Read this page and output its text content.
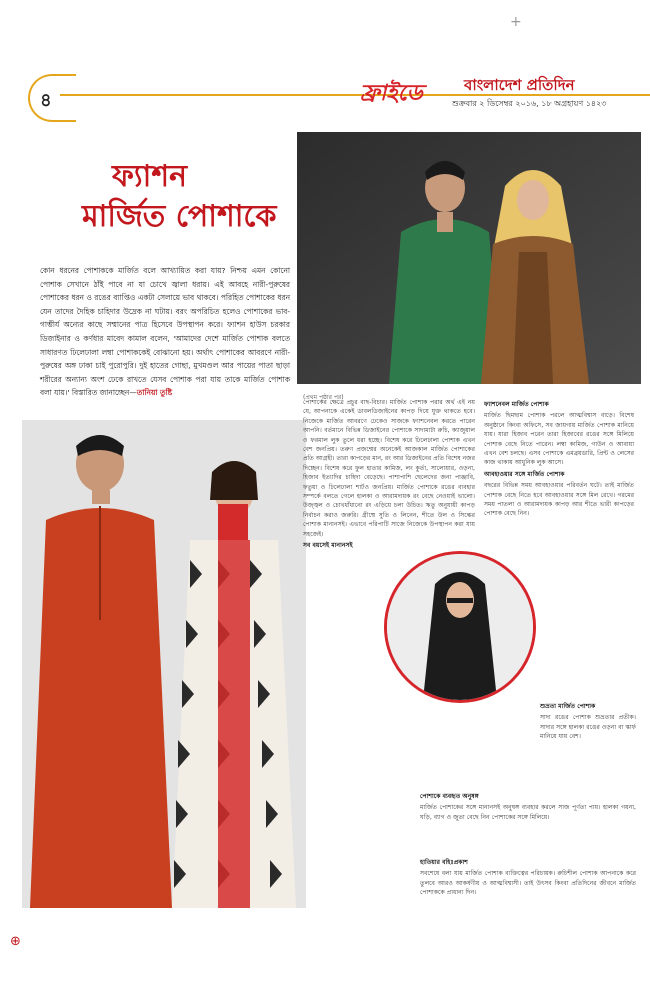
+
৪	ফ্রাইডে	বাংলাদেশ প্রতিদিন
শুক্রবার ২ ডিসেম্বর ২০১৬, ১৮ অগ্রহায়ণ ১৪২৩
ফ্যাশন
মার্জিত পোশাকে
কোন ধরনের পোশাককে মার্জিত বলে আখ্যায়িত করা যায়? নিশ্চয় এমন কোনো পোশাক সেখানে ঠাঁই পাবে না যা চোখে জ্বালা ধরায়। এই আবহে নারী-পুরুষের পোশাকের ধরন ও রঙের ব্যাপ্তিও একটা সেলায়ে ভাব থাকবে। পরিহিত পোশাকের ধরন যেন তাদের দৈহিক চাহিদার উদ্রেক না ঘটায়। বরং অপরিচিত হলেও পোশাকের ভাব-গাম্ভীর্য অন্যের কাছে সম্মানের পাত্র হিসেবে উপস্থাপন করে। ফ্যাশন হাউস চরকার ডিজাইনার ও কর্ণধার মাবেদ কামাল বলেন, 'আমাদের দেশে মার্জিত পোশাক বলতে সাধারণত ঢিলেঢালা লম্বা পোশাককেই বোঝানো হয়। অর্থাৎ পোশাকের আবরণে নারী-পুরুষের অঙ্গ ঢাকা চাই পুরোপুরি। দুই হাতের গোছা, মুখমণ্ডল আর পায়ের পাতা ছাড়া শরীরের অন্যান্য অংশ ঢেকে রাখতে যেসব পোশাক পরা যায় তাকে মার্জিত পোশাক বলা যায়।' বিস্তারিত জানাচ্ছেন—তানিয়া তুষ্টি
(প্রথম পৃষ্ঠার পর)
পোশাকের ক্ষেত্রে প্রচুর বাছ-বিচার। মার্জিত পোশাক পরার অর্থ এই নয় যে, আপনাকে একেই ডাবলডিজাইনের কাপড় দিয়ে যুক্ত থাকতে হবে। নিজেকে মার্জিত আবরণে ঢেকেও সাজকে ফ্যাশনেবল করতে পারেন আপনি। বর্তমানে বিভিন্ন ডিজাইনের পোশাকে সাদামাটা রুচি, ক্যাজুয়াল ও ফরমাল লুক তুলে ধরা হচ্ছে। বিশেষ করে ঢিলেঢালা পোশাক এখন বেশ জনপ্রিয়। তরুণ প্রজন্মের অনেকেই আজকাল মার্জিত পোশাকের প্রতি আগ্রহী। তারা কাপড়ের মান, রং আর ডিজাইনের প্রতি বিশেষ নজর দিচ্ছেন। বিশেষ করে ফুল হাতার কামিজ, লং কুর্তা, সালোয়ার, ওড়না, হিজাব ইত্যাদির চাহিদা বেড়েছে। পাশাপাশি ছেলেদের জন্য পাঞ্জাবি, ফতুয়া ও ঢিলেঢালা শার্টও জনপ্রিয়। মার্জিত পোশাকে রঙের ব্যবহার সম্পর্কে বলতে গেলে হালকা ও আরামদায়ক রং বেছে নেওয়াই ভালো। উজ্জ্বল ও চোখধাঁধানো রং এড়িয়ে চলা উচিত। ঋতু অনুযায়ী কাপড় নির্বাচন করাও জরুরি। গ্রীষ্মে সুতি ও লিনেন, শীতে উল ও সিল্কের পোশাক মানানসই। এভাবে পরিপাটি সাজে নিজেকে উপস্থাপন করা যায় সহজেই।
সব বয়সেই মানানসই
ফ্যাশনেবল মার্জিত পোশাক
মার্জিত ছিমছাম পোশাক পরলে আত্মবিশ্বাস বাড়ে। বিশেষ অনুষ্ঠানে কিংবা অফিসে, সব জায়গায় মার্জিত পোশাক মানিয়ে যায়। যারা হিজাব পরেন তারা হিজাবের রঙের সঙ্গে মিলিয়ে পোশাক বেছে নিতে পারেন। লম্বা কামিজ, গাউন ও আবায়া এখন বেশ চলছে। এসব পোশাকে এমব্রয়ডারি, প্রিন্ট ও লেসের কাজ থাকায় আধুনিক লুক আসে।
আবহাওয়ার সঙ্গে মার্জিত পোশাক
বছরের বিভিন্ন সময় আবহাওয়ার পরিবর্তন ঘটে। তাই মার্জিত পোশাক বেছে নিতে হবে আবহাওয়ার সঙ্গে মিল রেখে। গরমের সময় পাতলা ও আরামদায়ক কাপড় আর শীতে ভারী কাপড়ের পোশাক বেছে নিন।
শুভ্রতা মার্জিত পোশাক
সাদা রঙের পোশাক শুভ্রতার প্রতীক। সাদার সঙ্গে হালকা রঙের ওড়না বা স্কার্ফ মানিয়ে যায় বেশ।
পোশাকে ব্যবহৃত অনুষঙ্গ
মার্জিত পোশাকের সঙ্গে মানানসই অনুষঙ্গ ব্যবহার করলে সাজ পূর্ণতা পায়। হালকা গয়না, ঘড়ি, ব্যাগ ও জুতা বেছে নিন পোশাকের সঙ্গে মিলিয়ে।
হাতিয়ার বহিঃপ্রকাশ
সবশেষে বলা যায় মার্জিত পোশাক ব্যক্তিত্বের পরিচায়ক। রুচিশীল পোশাক আপনাকে করে তুলবে আরও আকর্ষণীয় ও আত্মবিশ্বাসী। তাই উৎসব কিংবা প্রতিদিনের জীবনে মার্জিত পোশাককে প্রাধান্য দিন।
⊕
